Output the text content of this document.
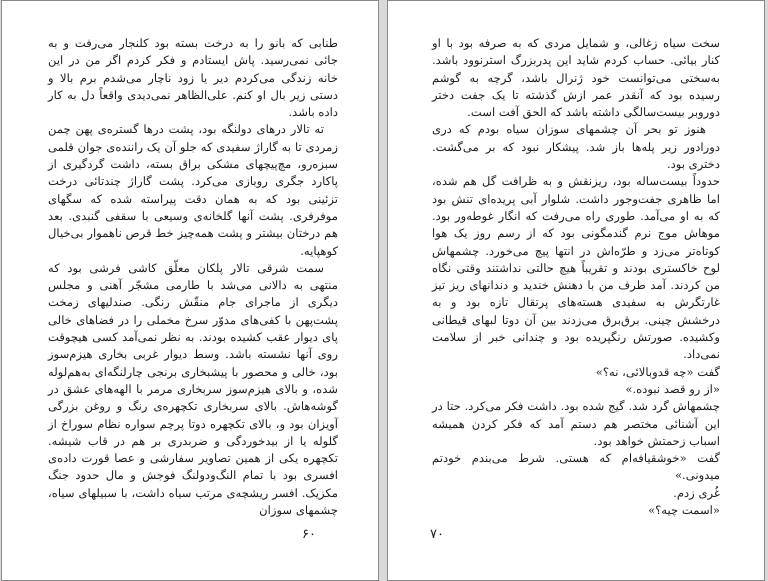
طنابی که بانو را به درخت بسته بود کلنجار می‌رفت و به جائی نمی‌رسید. پاش ایستادم و فکر کردم اگر من در این خانه زندگی می‌کردم دیر یا زود ناچار می‌شدم برم بالا و دستی زیر بال او کنم. علی‌الظاهر نمی‌دیدی واقعاً دل به کار داده باشد.

ته تالار درهای دولنگه بود، پشت درها گستره‌ی پهن چمن زمردی تا به گاراژ سفیدی که جلو آن یک راننده‌ی جوان قلمی سبزه‌رو، مچ‌پیچهای مشکی براق بسته، داشت گردگیری از پاکارد جگری روبازی می‌کرد. پشت گاراژ چندتائی درخت تزئینی بود که به همان دقت پیراسته شده که سگهای موفرفری. پشت آنها گلخانه‌ی وسیعی با سقفی گنبدی. بعد هم درختان بیشتر و پشت همه‌چیز خط قرص ناهموار بی‌خیال کوهپایه.

سمت شرقی تالار پلکان معلّق کاشی فرشی بود که منتهی به دالانی می‌شد با طارمی مشجّر آهنی و مجلس دیگری از ماجرای جام منقّش رنگی. صندلیهای زمخت پشت‌پهن با کفی‌های مدوّر سرخ مخملی را در فضاهای خالی پای دیوار عقب کشیده بودند. به نظر نمی‌آمد کسی هیچوقت روی آنها نشسته باشد. وسط دیوار غربی بخاری هیزم‌سوز بود، خالی و محصور با پیشبخاری برنجی چارلنگه‌ای به‌هم‌لوله شده، و بالای هیزم‌سوز سربخاری مرمر با الهه‌های عشق در گوشه‌هاش. بالای سربخاری تکچهره‌ی رنگ و روغن بزرگی آویزان بود و، بالای تکچهره دوتا پرچم سواره نظام سوراخ از گلوله یا از بیدخوردگی و ضربدری بر هم در قاب شیشه. تکچهره یکی از همین تصاویر سفارشی و عصا قورت داده‌ی افسری بود با تمام النگ‌ودولنگ فوجش و مال حدود جنگ مکزیک. افسر ریشچه‌ی مرتب سیاه داشت، با سبیلهای سیاه، چشمهای سوزان

۶۰

سخت سیاه زغالی، و شمایل مردی که به صرفه بود با او کنار بیائی. حساب کردم شاید این پدربزرگ استرنوود باشد. به‌سختی می‌توانست خود ژنرال باشد، گرچه به گوشم رسیده بود که آنقدر عمر ازش گذشته تا یک جفت دختر دوروبر بیست‌سالگی داشته باشد که الحق آفت است.

هنوز تو بحر آن چشمهای سوزان سیاه بودم که دری دورادور زیر پله‌ها باز شد. پیشکار نبود که بر می‌گشت. دختری بود.

حدوداً بیست‌ساله بود، ریزنقش و به ظرافت گل هم شده، اما ظاهری جفت‌وجور داشت. شلوار آبی پریده‌ای تنش بود که به او می‌آمد. طوری راه می‌رفت که انگار غوطه‌ور بود. موهاش موج نرم گندمگونی بود که از رسم روز یک هوا کوتاه‌تر می‌زد و طرّه‌اش در انتها پیچ می‌خورد. چشمهاش لوح خاکستری بودند و تقریباً هیچ حالتی نداشتند وقتی نگاه من کردند. آمد طرف من با دهنش خندید و دندانهای ریز تیز غارتگرش به سفیدی هسته‌های پرتقال تازه بود و به درخشش چینی. برق‌برق می‌زدند بین آن دوتا لبهای قیطانی وکشیده. صورتش رنگپریده بود و چندانی خبر از سلامت نمی‌داد.

گفت «چه قدوبالائی، نه؟»

«از رو قصد نبوده.»

چشمهاش گرد شد. گیج شده بود. داشت فکر می‌کرد. حتا در این آشنائی مختصر هم دستم آمد که فکر کردن همیشه اسباب زحمتش خواهد بود.

گفت «خوشقیافه‌ام که هستی. شرط می‌بندم خودتم میدونی.»

غُری زدم.

«اسمت چیه؟»

۷۰
